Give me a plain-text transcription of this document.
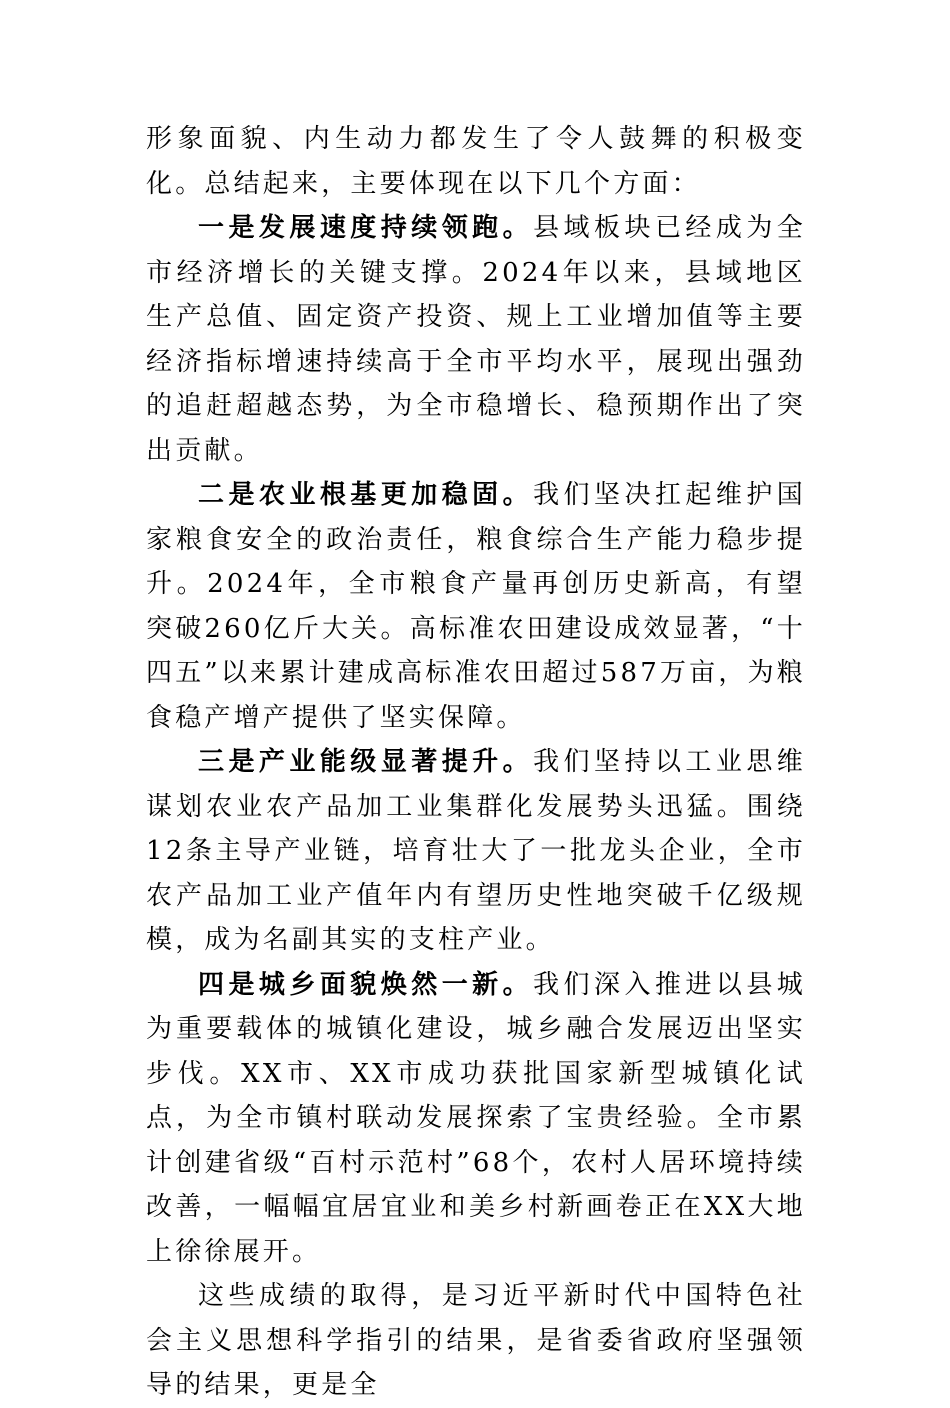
形象面貌、内生动力都发生了令人鼓舞的积极变化。总结起来，主要体现在以下几个方面：

一是发展速度持续领跑。县域板块已经成为全市经济增长的关键支撑。2024年以来，县域地区生产总值、固定资产投资、规上工业增加值等主要经济指标增速持续高于全市平均水平，展现出强劲的追赶超越态势，为全市稳增长、稳预期作出了突出贡献。

二是农业根基更加稳固。我们坚决扛起维护国家粮食安全的政治责任，粮食综合生产能力稳步提升。2024年，全市粮食产量再创历史新高，有望突破260亿斤大关。高标准农田建设成效显著，“十四五”以来累计建成高标准农田超过587万亩，为粮食稳产增产提供了坚实保障。

三是产业能级显著提升。我们坚持以工业思维谋划农业农产品加工业集群化发展势头迅猛。围绕12条主导产业链，培育壮大了一批龙头企业，全市农产品加工业产值年内有望历史性地突破千亿级规模，成为名副其实的支柱产业。

四是城乡面貌焕然一新。我们深入推进以县城为重要载体的城镇化建设，城乡融合发展迈出坚实步伐。XX市、XX市成功获批国家新型城镇化试点，为全市镇村联动发展探索了宝贵经验。全市累计创建省级“百村示范村”68个，农村人居环境持续改善，一幅幅宜居宜业和美乡村新画卷正在XX大地上徐徐展开。

这些成绩的取得，是习近平新时代中国特色社会主义思想科学指引的结果，是省委省政府坚强领导的结果，更是全
